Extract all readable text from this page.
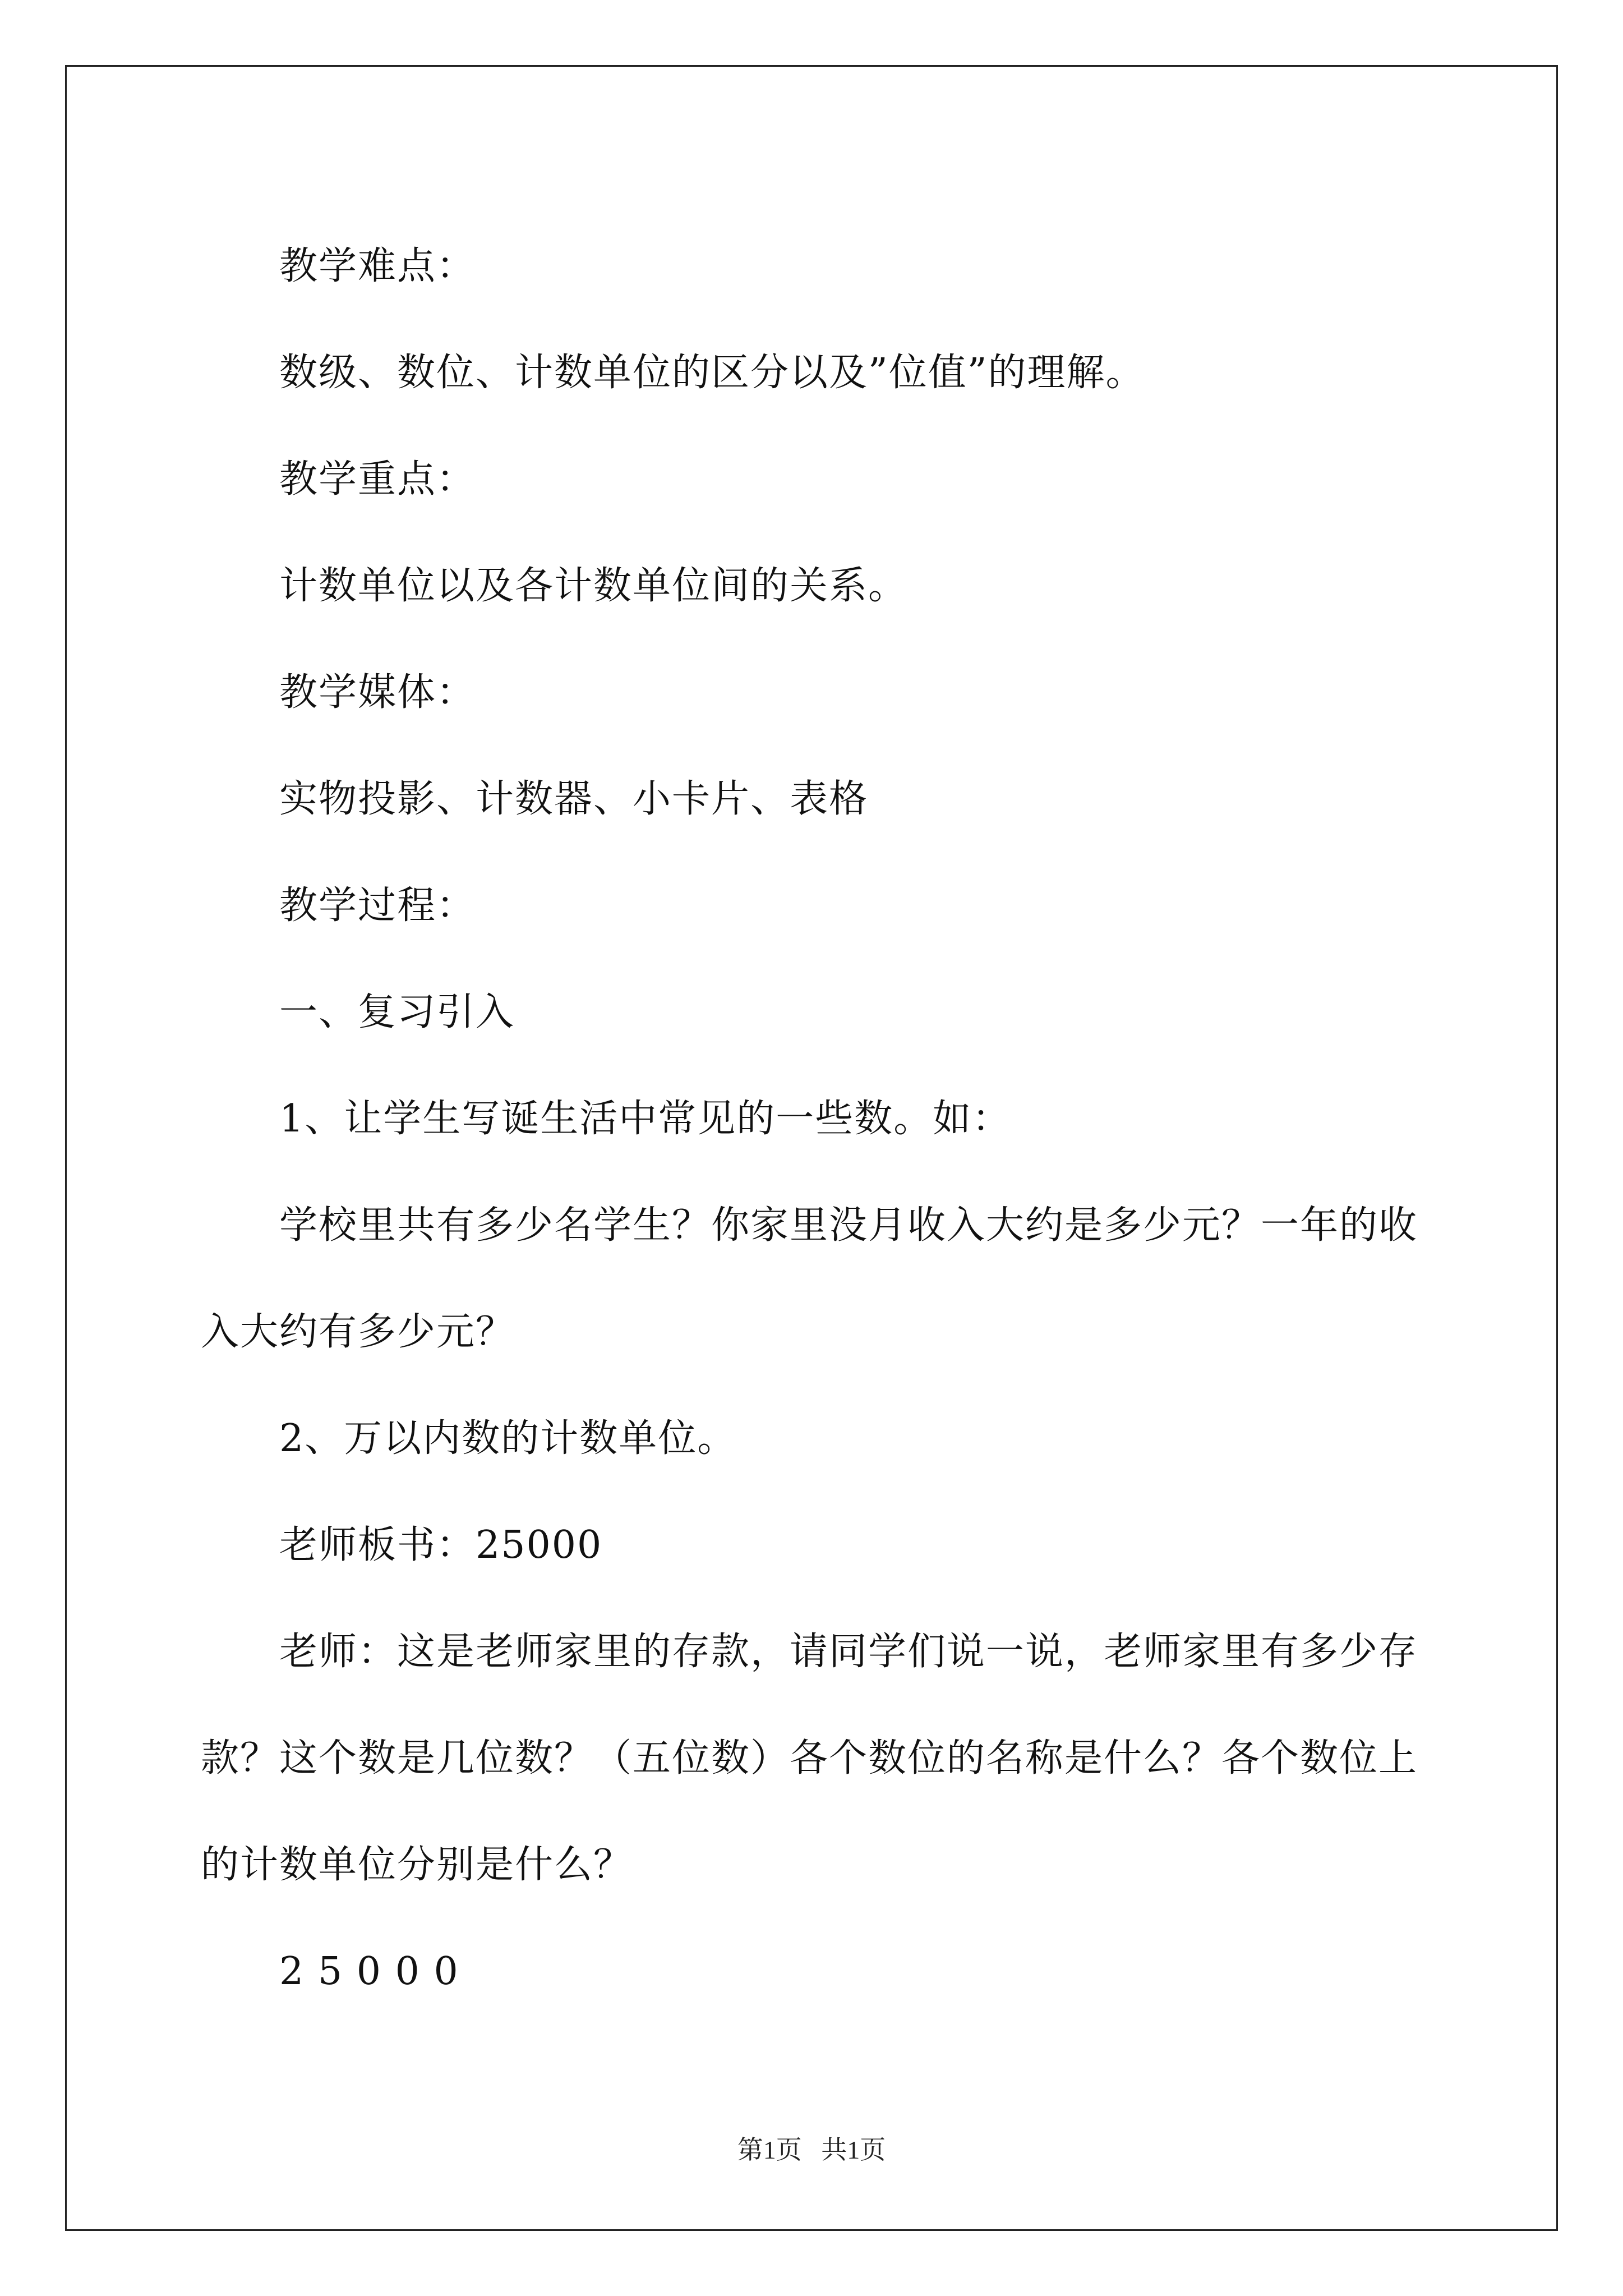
教学难点：

数级、数位、计数单位的区分以及”位值”的理解。

教学重点：

计数单位以及各计数单位间的关系。

教学媒体：

实物投影、计数器、小卡片、表格

教学过程：

一、复习引入

1、让学生写诞生活中常见的一些数。如：

学校里共有多少名学生？你家里没月收入大约是多少元？一年的收入大约有多少元？

2、万以内数的计数单位。

老师板书：25000

老师：这是老师家里的存款，请同学们说一说，老师家里有多少存款？这个数是几位数？（五位数）各个数位的名称是什么？各个数位上的计数单位分别是什么？

2 5 0 0 0

第1页   共1页
